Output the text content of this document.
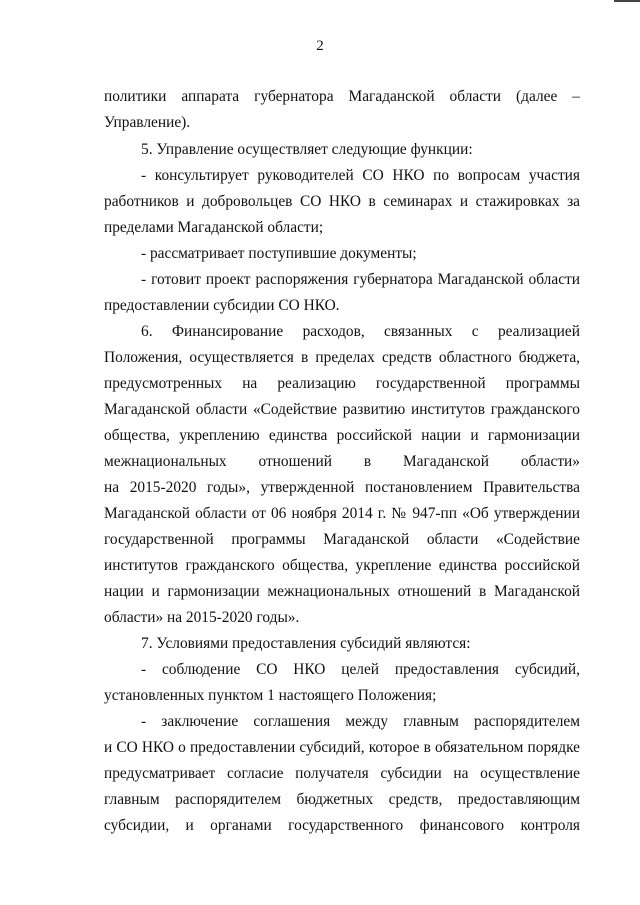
2
политики аппарата губернатора Магаданской области (далее –
Управление).
5. Управление осуществляет следующие функции:
- консультирует руководителей СО НКО по вопросам участия
работников и добровольцев СО НКО в семинарах и стажировках за
пределами Магаданской области;
- рассматривает поступившие документы;
- готовит проект распоряжения губернатора Магаданской области
предоставлении субсидии СО НКО.
6. Финансирование расходов, связанных с реализацией
Положения, осуществляется в пределах средств областного бюджета,
предусмотренных на реализацию государственной программы
Магаданской области «Содействие развитию институтов гражданского
общества, укреплению единства российской нации и гармонизации
межнациональных отношений в Магаданской области»
на 2015-2020 годы», утвержденной постановлением Правительства
Магаданской области от 06 ноября 2014 г. № 947-пп «Об утверждении
государственной программы Магаданской области «Содействие
институтов гражданского общества, укрепление единства российской
нации и гармонизации межнациональных отношений в Магаданской
области» на 2015-2020 годы».
7. Условиями предоставления субсидий являются:
- соблюдение СО НКО целей предоставления субсидий,
установленных пунктом 1 настоящего Положения;
- заключение соглашения между главным распорядителем
и СО НКО о предоставлении субсидий, которое в обязательном порядке
предусматривает согласие получателя субсидии на осуществление
главным распорядителем бюджетных средств, предоставляющим
субсидии, и органами государственного финансового контроля
